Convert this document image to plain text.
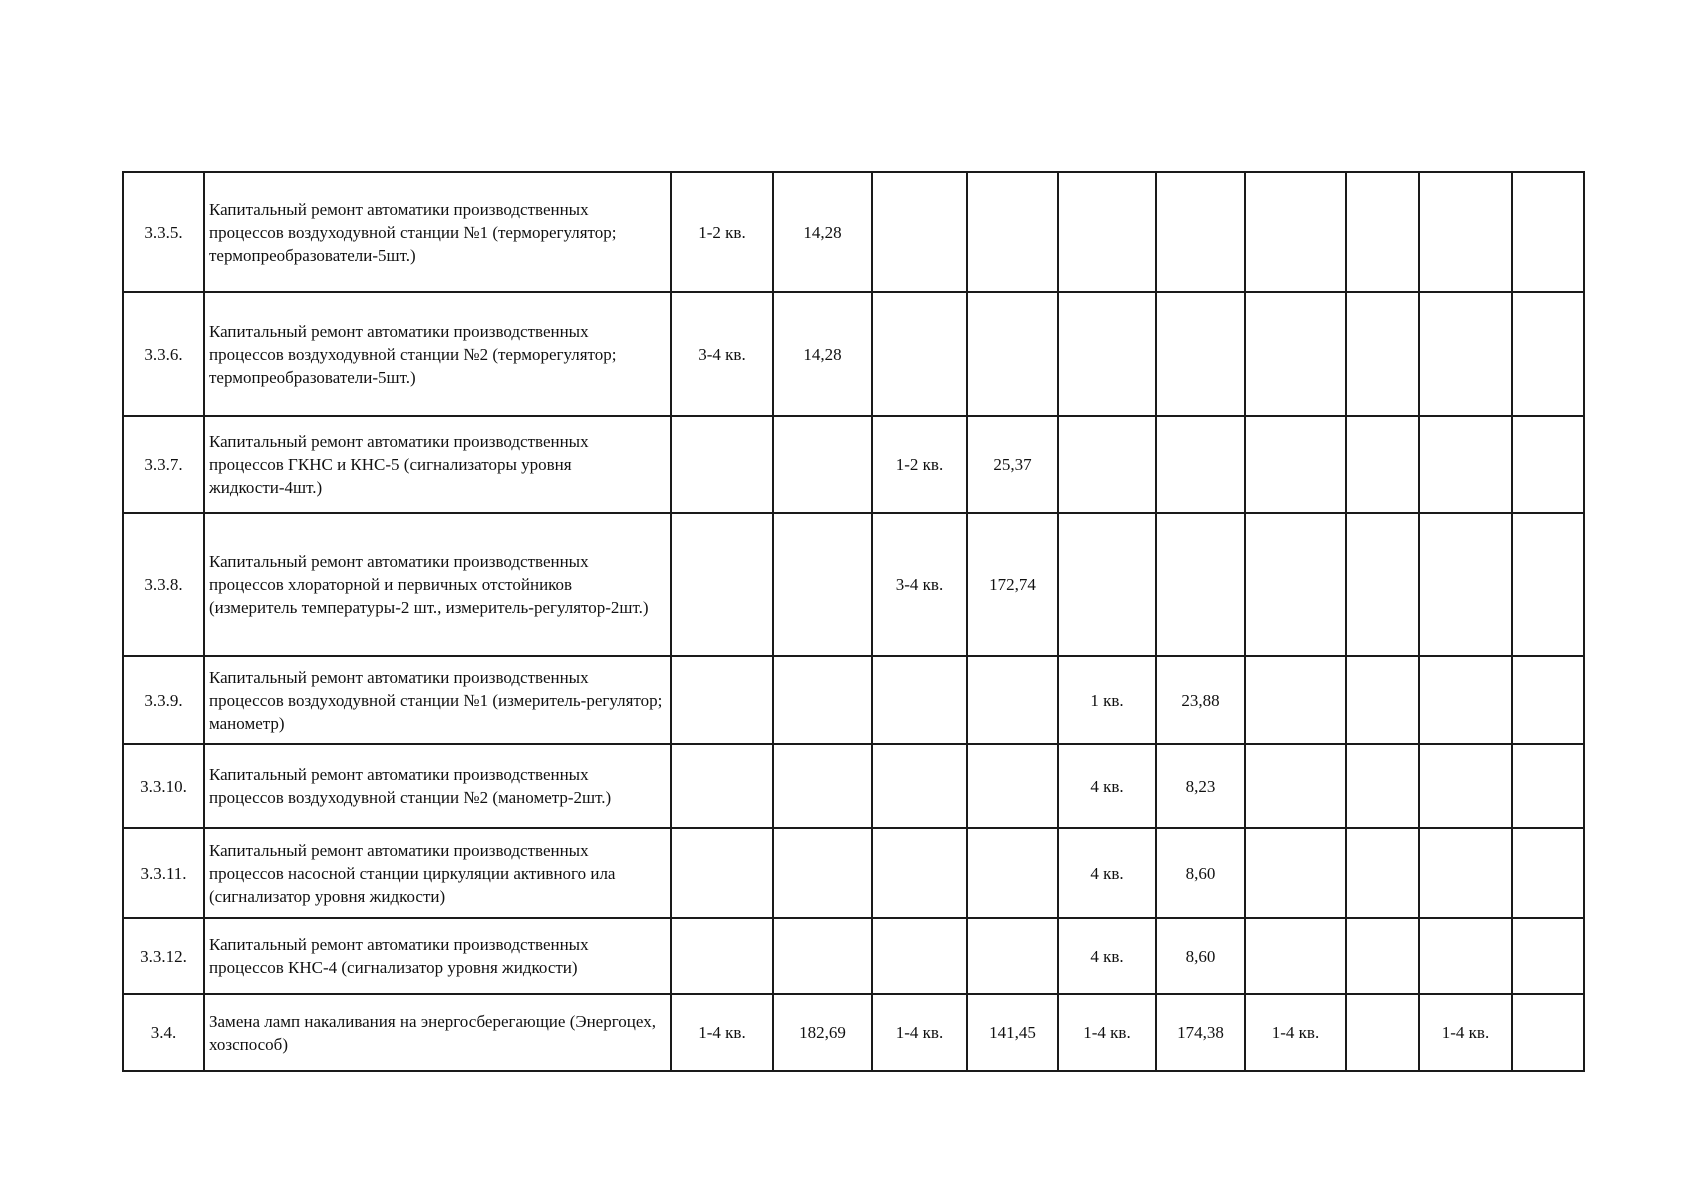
3.3.5.	Капитальный ремонт автоматики производственных процессов воздуходувной станции №1 (терморегулятор; термопреобразователи-5шт.)	1-2 кв.	14,28								
3.3.6.	Капитальный ремонт автоматики производственных процессов воздуходувной станции №2 (терморегулятор; термопреобразователи-5шт.)	3-4 кв.	14,28								
3.3.7.	Капитальный ремонт автоматики производственных процессов ГКНС и КНС-5 (сигнализаторы уровня жидкости-4шт.)			1-2 кв.	25,37						
3.3.8.	Капитальный ремонт автоматики производственных процессов хлораторной и первичных отстойников (измеритель температуры-2 шт., измеритель-регулятор-2шт.)			3-4 кв.	172,74						
3.3.9.	Капитальный ремонт автоматики производственных процессов воздуходувной станции №1 (измеритель-регулятор; манометр)					1 кв.	23,88				
3.3.10.	Капитальный ремонт автоматики производственных процессов воздуходувной станции №2 (манометр-2шт.)					4 кв.	8,23				
3.3.11.	Капитальный ремонт автоматики производственных процессов насосной станции циркуляции активного ила (сигнализатор уровня жидкости)					4 кв.	8,60				
3.3.12.	Капитальный ремонт автоматики производственных процессов КНС-4 (сигнализатор уровня жидкости)					4 кв.	8,60				
3.4.	Замена ламп накаливания на энергосберегающие (Энергоцех, хозспособ)	1-4 кв.	182,69	1-4 кв.	141,45	1-4 кв.	174,38	1-4 кв.		1-4 кв.	
